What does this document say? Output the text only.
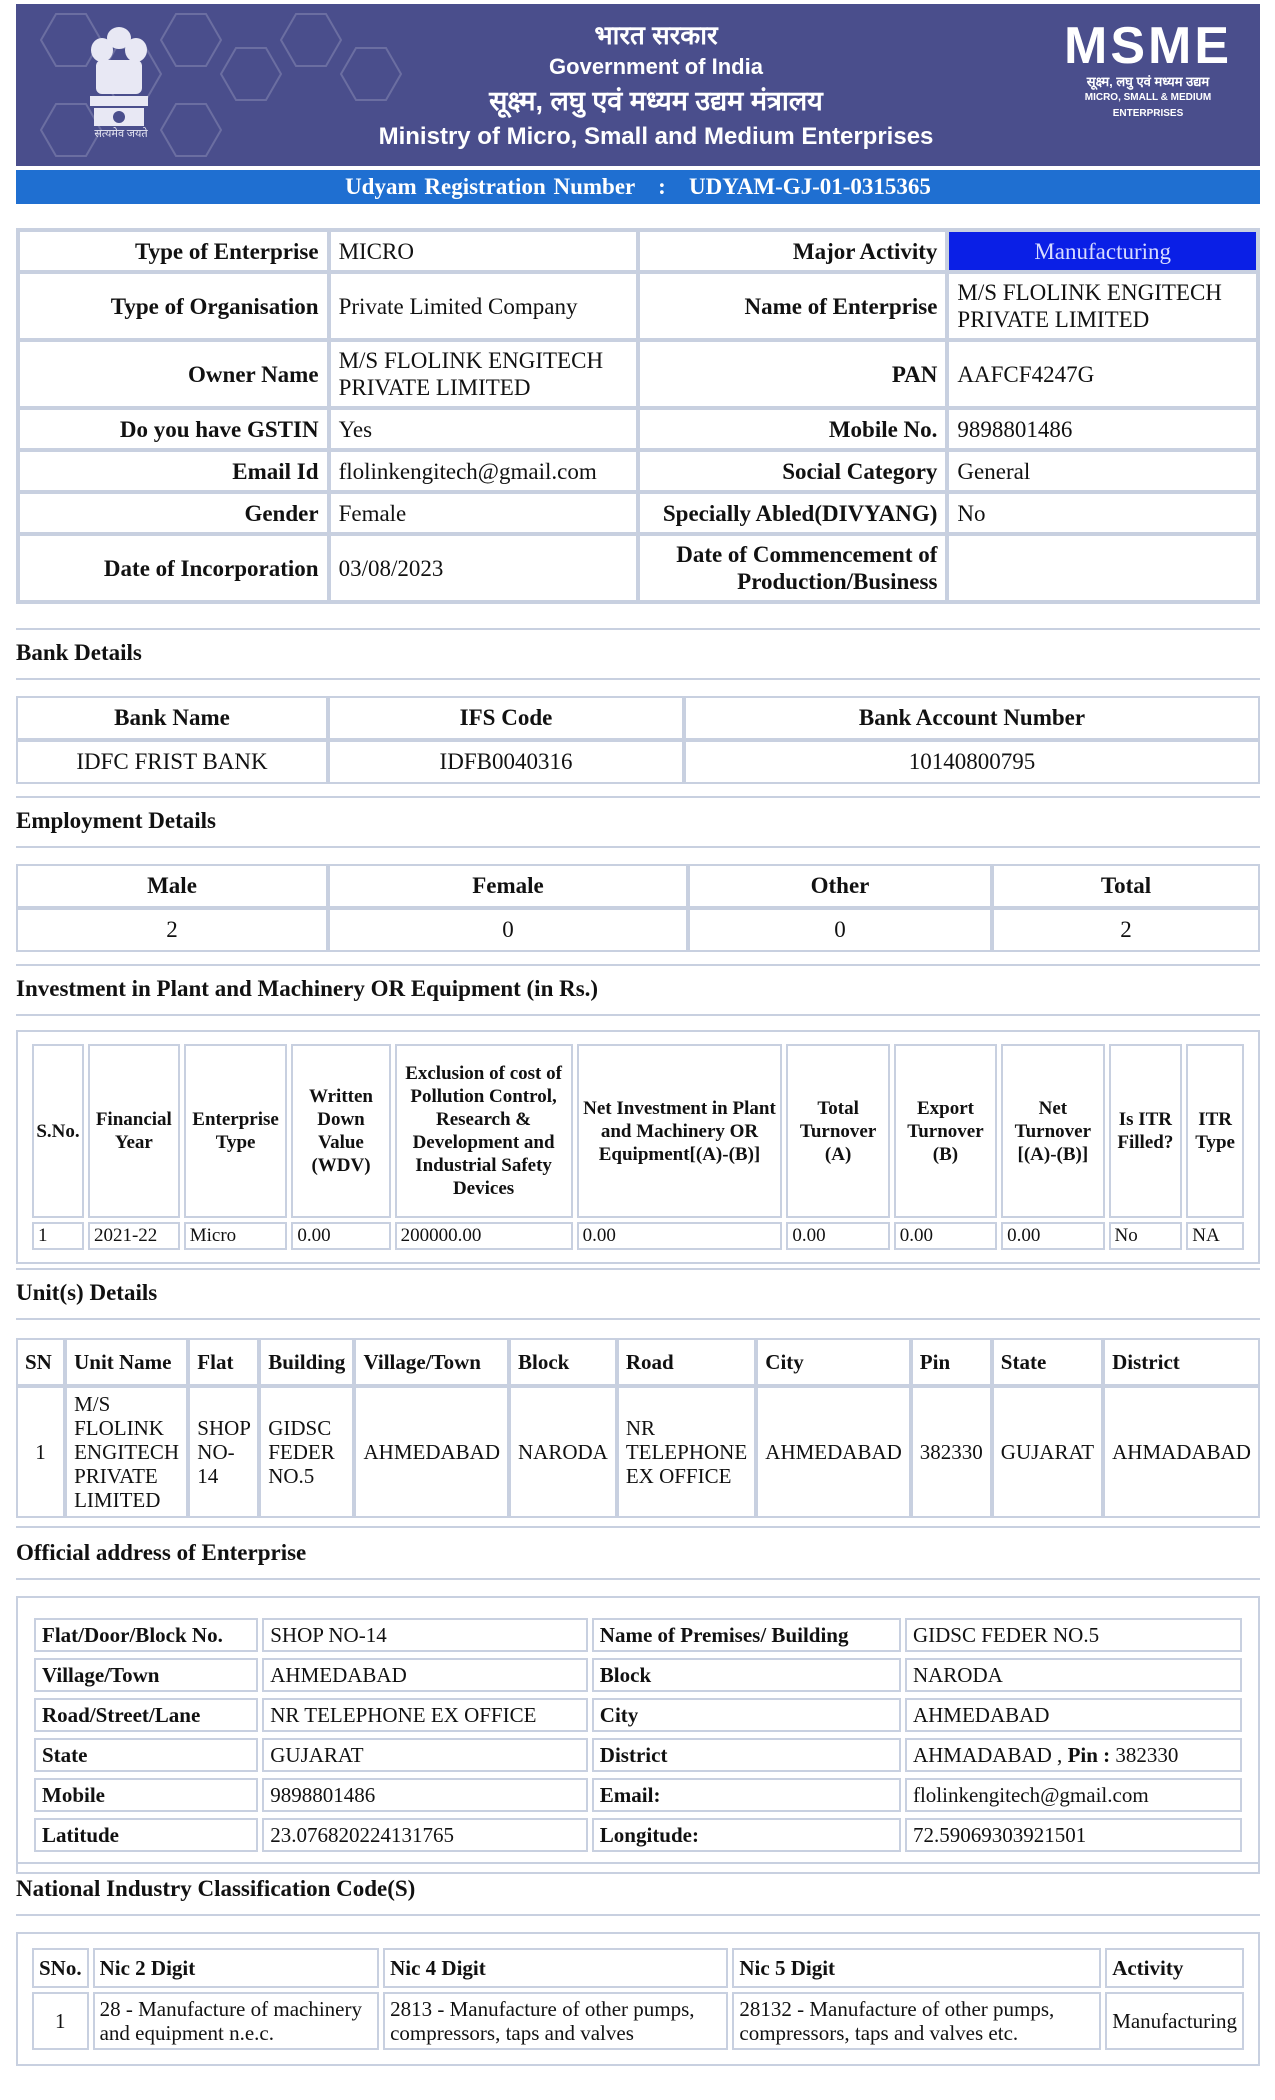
सत्यमेव जयते
भारत सरकार
Government of India
सूक्ष्म, लघु एवं मध्यम उद्यम मंत्रालय
Ministry of Micro, Small and Medium Enterprises
MSME
सूक्ष्म, लघु एवं मध्यम उद्यम
MICRO, SMALL & MEDIUM ENTERPRISES
Udyam Registration Number : UDYAM-GJ-01-0315365
Type of Enterprise	MICRO	Major Activity	Manufacturing
Type of Organisation	Private Limited Company	Name of Enterprise	M/S FLOLINK ENGITECH PRIVATE LIMITED
Owner Name	M/S FLOLINK ENGITECH PRIVATE LIMITED	PAN	AAFCF4247G
Do you have GSTIN	Yes	Mobile No.	9898801486
Email Id	flolinkengitech@gmail.com	Social Category	General
Gender	Female	Specially Abled(DIVYANG)	No
Date of Incorporation	03/08/2023	Date of Commencement of Production/Business	
Bank Details
Bank Name	IFS Code	Bank Account Number
IDFC FRIST BANK	IDFB0040316	10140800795
Employment Details
Male	Female	Other	Total
2	0	0	2
Investment in Plant and Machinery OR Equipment (in Rs.)
S.No.	Financial Year	Enterprise Type	Written Down Value (WDV)	Exclusion of cost of Pollution Control, Research & Development and Industrial Safety Devices	Net Investment in Plant and Machinery OR Equipment[(A)-(B)]	Total Turnover (A)	Export Turnover (B)	Net Turnover [(A)-(B)]	Is ITR Filled?	ITR Type
1	2021-22	Micro	0.00	200000.00	0.00	0.00	0.00	0.00	No	NA
Unit(s) Details
SN	Unit Name	Flat	Building	Village/Town	Block	Road	City	Pin	State	District
1	M/S FLOLINK ENGITECH PRIVATE LIMITED	SHOP NO-14	GIDSC FEDER NO.5	AHMEDABAD	NARODA	NR TELEPHONE EX OFFICE	AHMEDABAD	382330	GUJARAT	AHMADABAD
Official address of Enterprise
Flat/Door/Block No.	SHOP NO-14	Name of Premises/ Building	GIDSC FEDER NO.5
Village/Town	AHMEDABAD	Block	NARODA
Road/Street/Lane	NR TELEPHONE EX OFFICE	City	AHMEDABAD
State	GUJARAT	District	AHMADABAD , Pin : 382330
Mobile	9898801486	Email:	flolinkengitech@gmail.com
Latitude	23.076820224131765	Longitude:	72.59069303921501
National Industry Classification Code(S)
SNo.	Nic 2 Digit	Nic 4 Digit	Nic 5 Digit	Activity
1	28 - Manufacture of machinery and equipment n.e.c.	2813 - Manufacture of other pumps, compressors, taps and valves	28132 - Manufacture of other pumps, compressors, taps and valves etc.	Manufacturing
